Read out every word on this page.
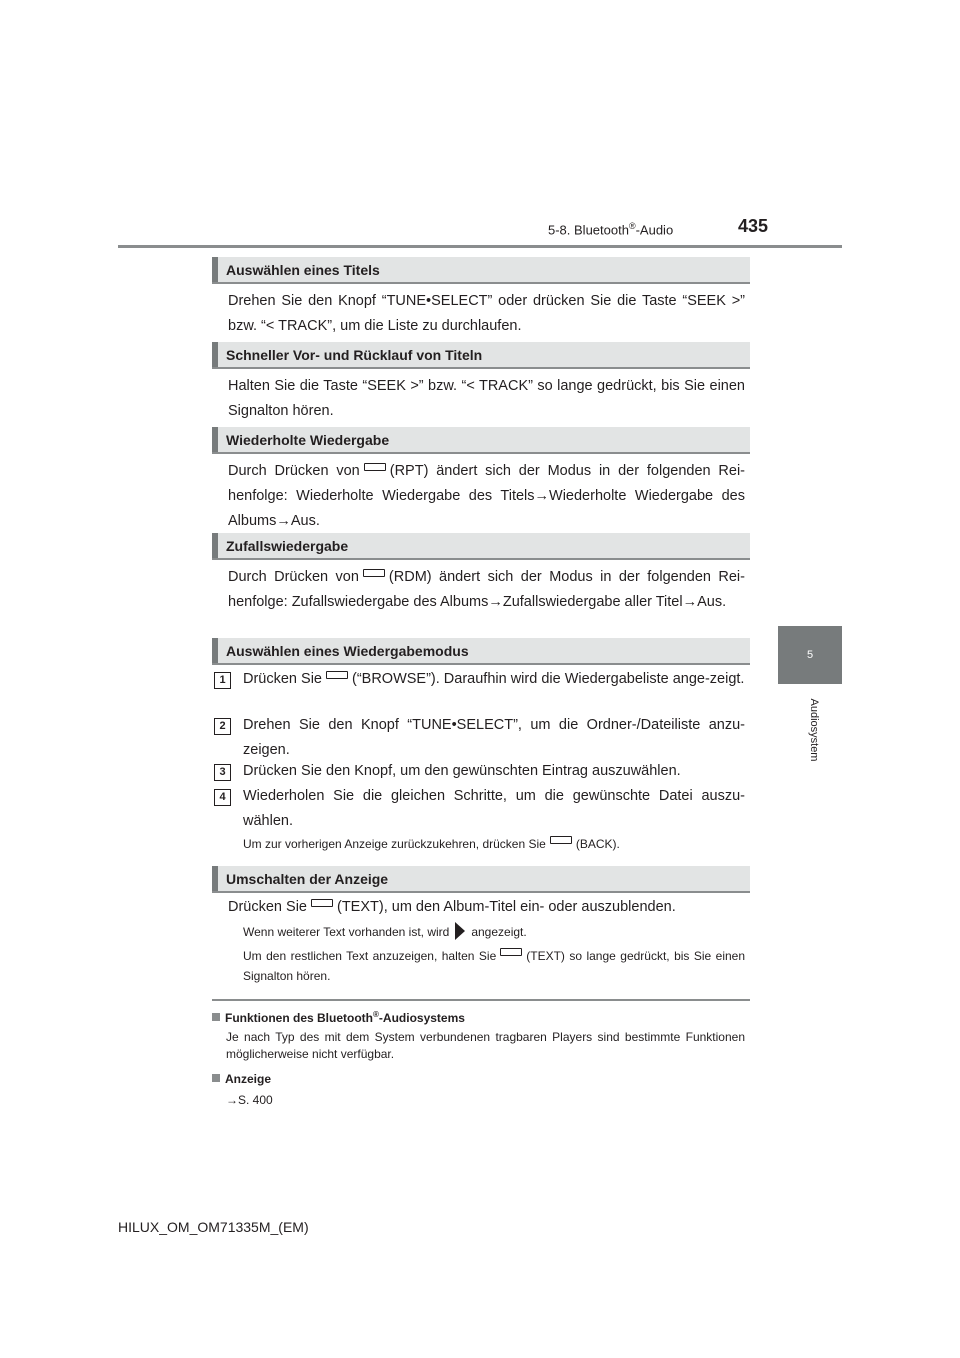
5-8. Bluetooth®-Audio	435
5
Audiosystem
Auswählen eines Titels
Drehen Sie den Knopf “TUNE•SELECT” oder drücken Sie die Taste “SEEK >” bzw. “< TRACK”, um die Liste zu durchlaufen.
Schneller Vor- und Rücklauf von Titeln
Halten Sie die Taste “SEEK >” bzw. “< TRACK” so lange gedrückt, bis Sie einen Signalton hören.
Wiederholte Wiedergabe
Durch Drücken von (RPT) ändert sich der Modus in der folgenden Rei-henfolge: Wiederholte Wiedergabe des Titels→Wiederholte Wiedergabe des Albums→Aus.
Zufallswiedergabe
Durch Drücken von (RDM) ändert sich der Modus in der folgenden Rei-henfolge: Zufallswiedergabe des Albums→Zufallswiedergabe aller Titel→Aus.
Auswählen eines Wiedergabemodus
1	Drücken Sie (“BROWSE”). Daraufhin wird die Wiedergabeliste ange-zeigt.
2	Drehen Sie den Knopf “TUNE•SELECT”, um die Ordner-/Dateiliste anzu-zeigen.
3	Drücken Sie den Knopf, um den gewünschten Eintrag auszuwählen.
4	Wiederholen Sie die gleichen Schritte, um die gewünschte Datei auszu-wählen.
Um zur vorherigen Anzeige zurückzukehren, drücken Sie	(BACK).
Umschalten der Anzeige
Drücken Sie (TEXT), um den Album-Titel ein- oder auszublenden.
Wenn weiterer Text vorhanden ist, wird angezeigt.
Um den restlichen Text anzuzeigen, halten Sie	(TEXT) so lange gedrückt, bis Sie einen Signalton hören.
Funktionen des Bluetooth®-Audiosystems
Je nach Typ des mit dem System verbundenen tragbaren Players sind bestimmte Funktionen möglicherweise nicht verfügbar.
Anzeige
→S. 400
HILUX_OM_OM71335M_(EM)
